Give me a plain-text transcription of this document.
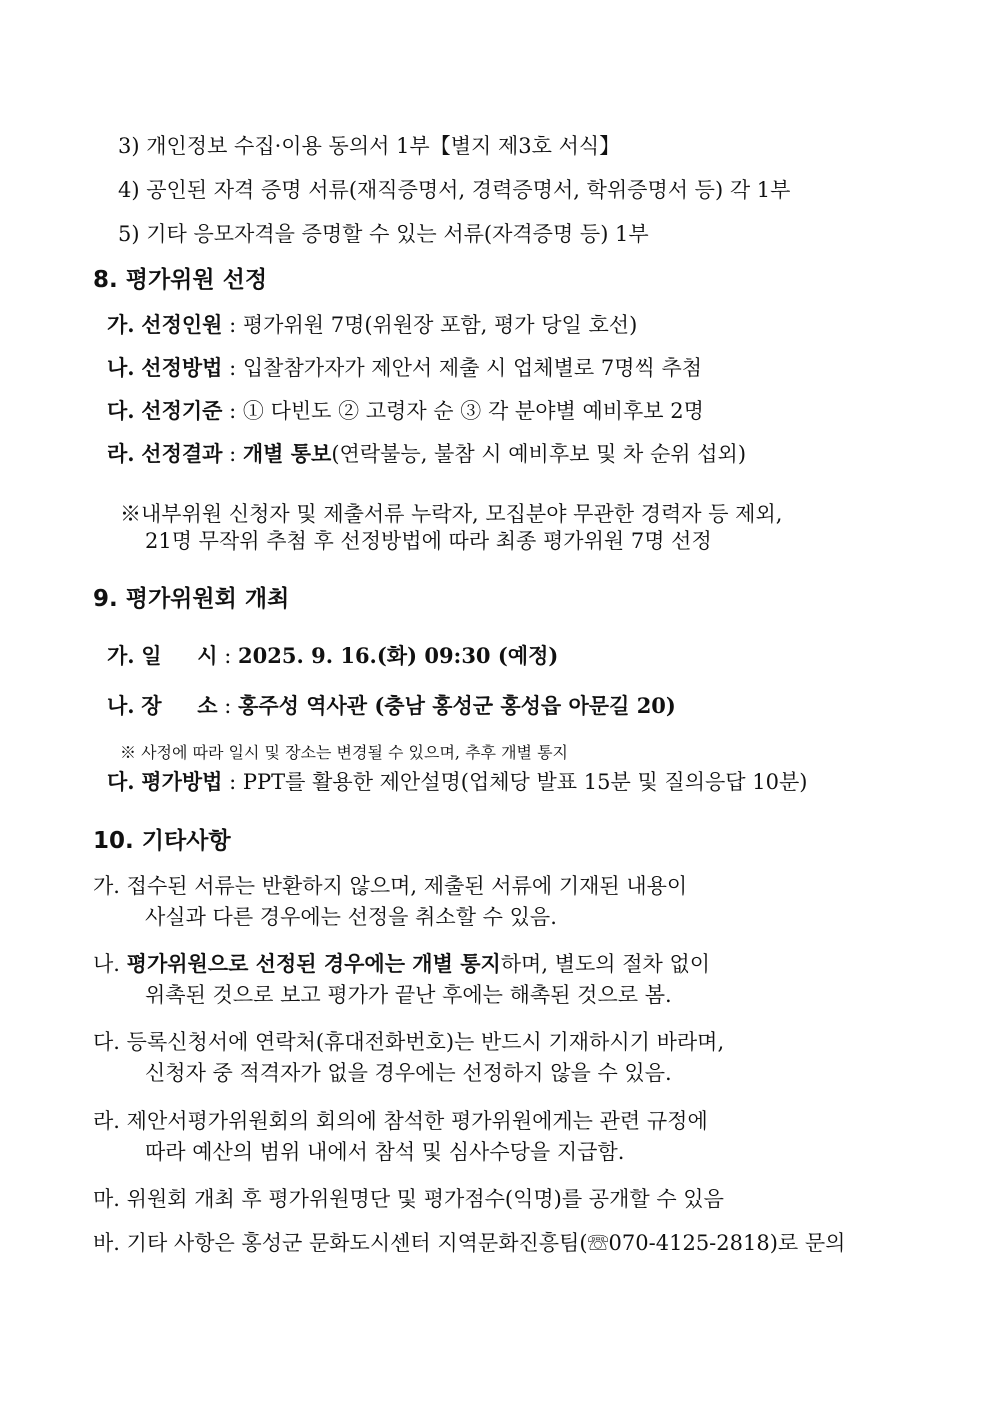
3) 개인정보 수집·이용 동의서 1부【별지 제3호 서식】
4) 공인된 자격 증명 서류(재직증명서, 경력증명서, 학위증명서 등) 각 1부
5) 기타 응모자격을 증명할 수 있는 서류(자격증명 등) 1부
8. 평가위원 선정
가. 선정인원 : 평가위원 7명(위원장 포함, 평가 당일 호선)
나. 선정방법 : 입찰참가자가 제안서 제출 시 업체별로 7명씩 추첨
다. 선정기준 : ① 다빈도 ② 고령자 순 ③ 각 분야별 예비후보 2명
라. 선정결과 : 개별 통보(연락불능, 불참 시 예비후보 및 차 순위 섭외)
※내부위원 신청자 및 제출서류 누락자, 모집분야 무관한 경력자 등 제외,
21명 무작위 추첨 후 선정방법에 따라 최종 평가위원 7명 선정
9. 평가위원회 개최
가. 일 시 : 2025. 9. 16.(화) 09:30 (예정)
나. 장 소 : 홍주성 역사관 (충남 홍성군 홍성읍 아문길 20)
※ 사정에 따라 일시 및 장소는 변경될 수 있으며, 추후 개별 통지
다. 평가방법 : PPT를 활용한 제안설명(업체당 발표 15분 및 질의응답 10분)
10. 기타사항
가. 접수된 서류는 반환하지 않으며, 제출된 서류에 기재된 내용이
사실과 다른 경우에는 선정을 취소할 수 있음.
나. 평가위원으로 선정된 경우에는 개별 통지하며, 별도의 절차 없이
위촉된 것으로 보고 평가가 끝난 후에는 해촉된 것으로 봄.
다. 등록신청서에 연락처(휴대전화번호)는 반드시 기재하시기 바라며,
신청자 중 적격자가 없을 경우에는 선정하지 않을 수 있음.
라. 제안서평가위원회의 회의에 참석한 평가위원에게는 관련 규정에
따라 예산의 범위 내에서 참석 및 심사수당을 지급함.
마. 위원회 개최 후 평가위원명단 및 평가점수(익명)를 공개할 수 있음
바. 기타 사항은 홍성군 문화도시센터 지역문화진흥팀(☏070-4125-2818)로 문의
